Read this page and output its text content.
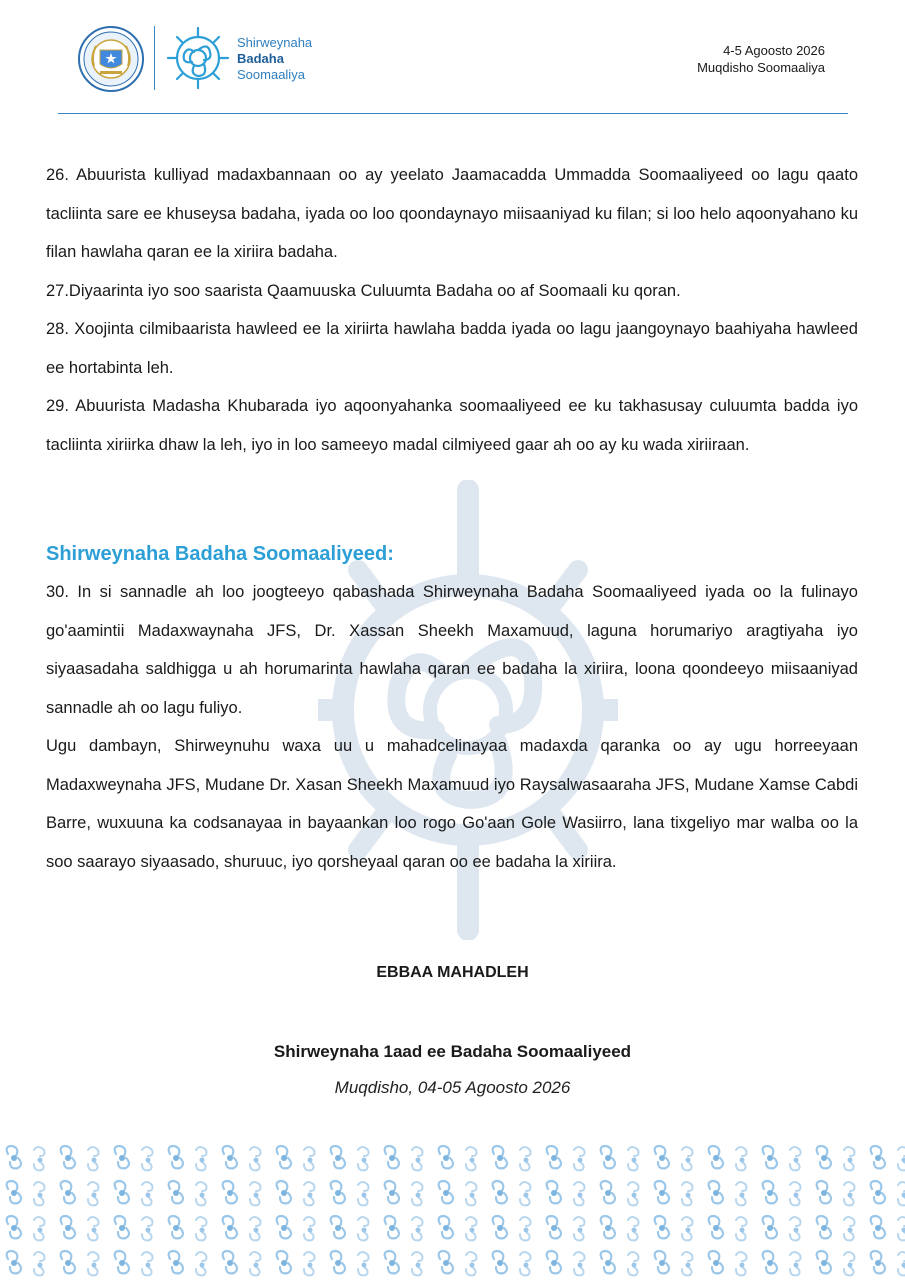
Shirweynaha
Badaha
Soomaaliya
4-5 Agoosto 2026
Muqdisho Soomaaliya

26. Abuurista kulliyad madaxbannaan oo ay yeelato Jaamacadda Ummadda Soomaaliyeed oo lagu qaato tacliinta sare ee khuseysa badaha, iyada oo loo qoondaynayo miisaaniyad ku filan; si loo helo aqoonyahano ku filan hawlaha qaran ee la xiriira badaha.

27.Diyaarinta iyo soo saarista Qaamuuska Culuumta Badaha oo af Soomaali ku qoran.

28. Xoojinta cilmibaarista hawleed ee la xiriirta hawlaha badda iyada oo lagu jaangoynayo baahiyaha hawleed ee hortabinta leh.

29. Abuurista Madasha Khubarada iyo aqoonyahanka soomaaliyeed ee ku takhasusay culuumta badda iyo tacliinta xiriirka dhaw la leh, iyo in loo sameeyo madal cilmiyeed gaar ah oo ay ku wada xiriiraan.

Shirweynaha Badaha Soomaaliyeed:

30. In si sannadle ah loo joogteeyo qabashada Shirweynaha Badaha Soomaaliyeed iyada oo la fulinayo go'aamintii Madaxwaynaha JFS, Dr. Xassan Sheekh Maxamuud, laguna horumariyo aragtiyaha iyo siyaasadaha saldhigga u ah horumarinta hawlaha qaran ee badaha la xiriira, loona qoondeeyo miisaaniyad sannadle ah oo lagu fuliyo.

Ugu dambayn, Shirweynuhu waxa uu u mahadcelinayaa madaxda qaranka oo ay ugu horreeyaan Madaxweynaha JFS, Mudane Dr. Xasan Sheekh Maxamuud iyo Raysalwasaaraha JFS, Mudane Xamse Cabdi Barre, wuxuuna ka codsanayaa in bayaankan loo rogo Go'aan Gole Wasiirro, lana tixgeliyo mar walba oo la soo saarayo siyaasado, shuruuc, iyo qorsheyaal qaran oo ee badaha la xiriira.

EBBAA MAHADLEH
Shirweynaha 1aad ee Badaha Soomaaliyeed
Muqdisho, 04-05 Agoosto 2026
